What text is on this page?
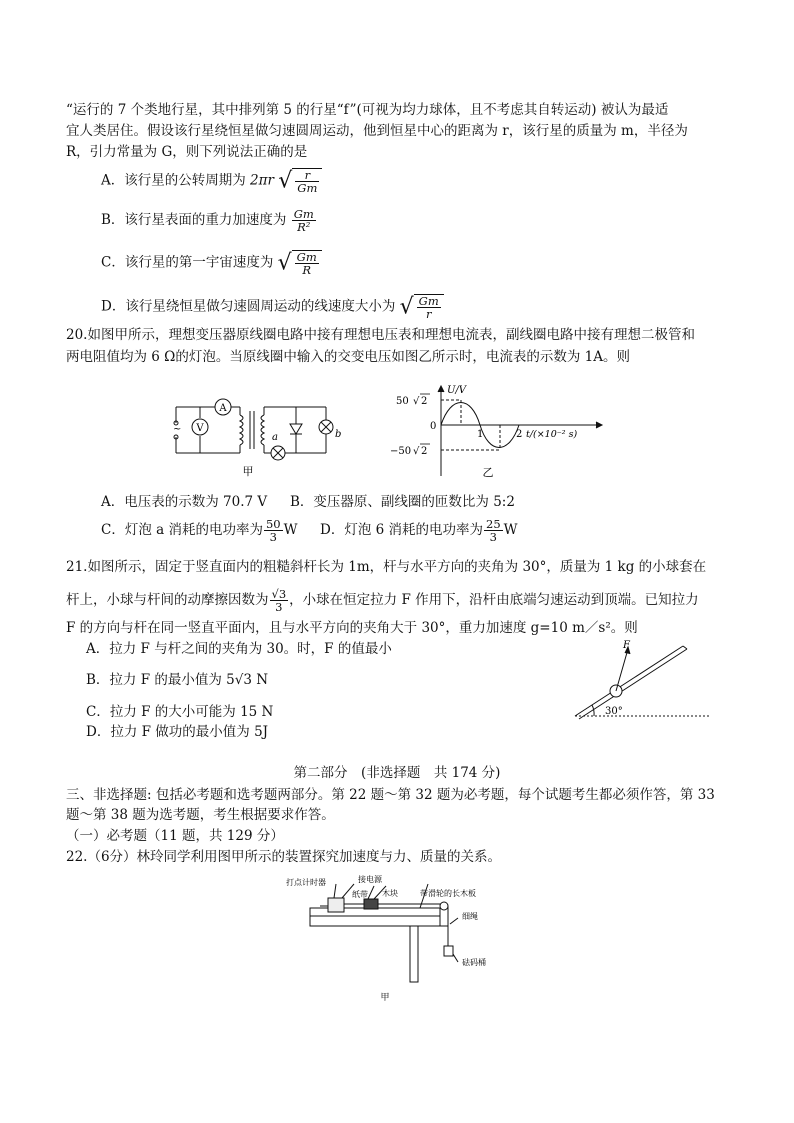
“运行的 7 个类地行星，其中排列第 5 的行星“f”(可视为均力球体，且不考虑其自转运动) 被认为最适
宜人类居住。假设该行星绕恒星做匀速圆周运动，他到恒星中心的距离为 r，该行星的质量为 m，半径为
R，引力常量为 G，则下列说法正确的是
A．该行星的公转周期为 2πr √ $\frac{r}{Gm}$
B．该行星表面的重力加速度为 $\frac{Gm}{\text{R²}}$
C．该行星的第一宇宙速度为 √ $\frac{Gm}{R}$
D．该行星绕恒星做匀速圆周运动的线速度大小为 √ $\frac{Gm}{r}$
20.如图甲所示，理想变压器原线圈电路中接有理想电压表和理想电流表，副线圈电路中接有理想二极管和
两电阻值均为 6 Ω的灯泡。当原线圈中输入的交变电压如图乙所示时，电流表的示数为 1A。则
A
V
~
a	b
甲
U/V
50 √ 2
0
−50 √ 2
1	2 t/(×10⁻² s)
乙
A．电压表的示数为 70.7 V B．变压器原、副线圈的匝数比为 5:2
C．灯泡 a 消耗的电功率为 $\frac{50}{3}$ W D．灯泡 6 消耗的电功率为 $\frac{25}{3}$ W
21.如图所示，固定于竖直面内的粗糙斜杆长为 1m，杆与水平方向的夹角为 30°，质量为 1 kg 的小球套在
杆上，小球与杆间的动摩擦因数为 $\frac{√3}{3}$ ，小球在恒定拉力 F 作用下，沿杆由底端匀速运动到顶端。已知拉力
F 的方向与杆在同一竖直平面内，且与水平方向的夹角大于 30°，重力加速度 g=10 m／s²。则
A．拉力 F 与杆之间的夹角为 30。时，F 的值最小
B．拉力 F 的最小值为 5√3 N
C．拉力 F 的大小可能为 15 N
D．拉力 F 做功的最小值为 5J
F
30°
第二部分　(非选择题　共 174 分)
三、非选择题: 包括必考题和选考题两部分。第 22 题～第 32 题为必考题，每个试题考生都必须作答，第 33
题～第 38 题为选考题，考生根据要求作答。
（一）必考题（11 题，共 129 分）
22.（6分）林玲同学利用图甲所示的装置探究加速度与力、质量的关系。
打点计时器	接电源
纸带 木块	带滑轮的长木板
细绳
砝码桶
甲
